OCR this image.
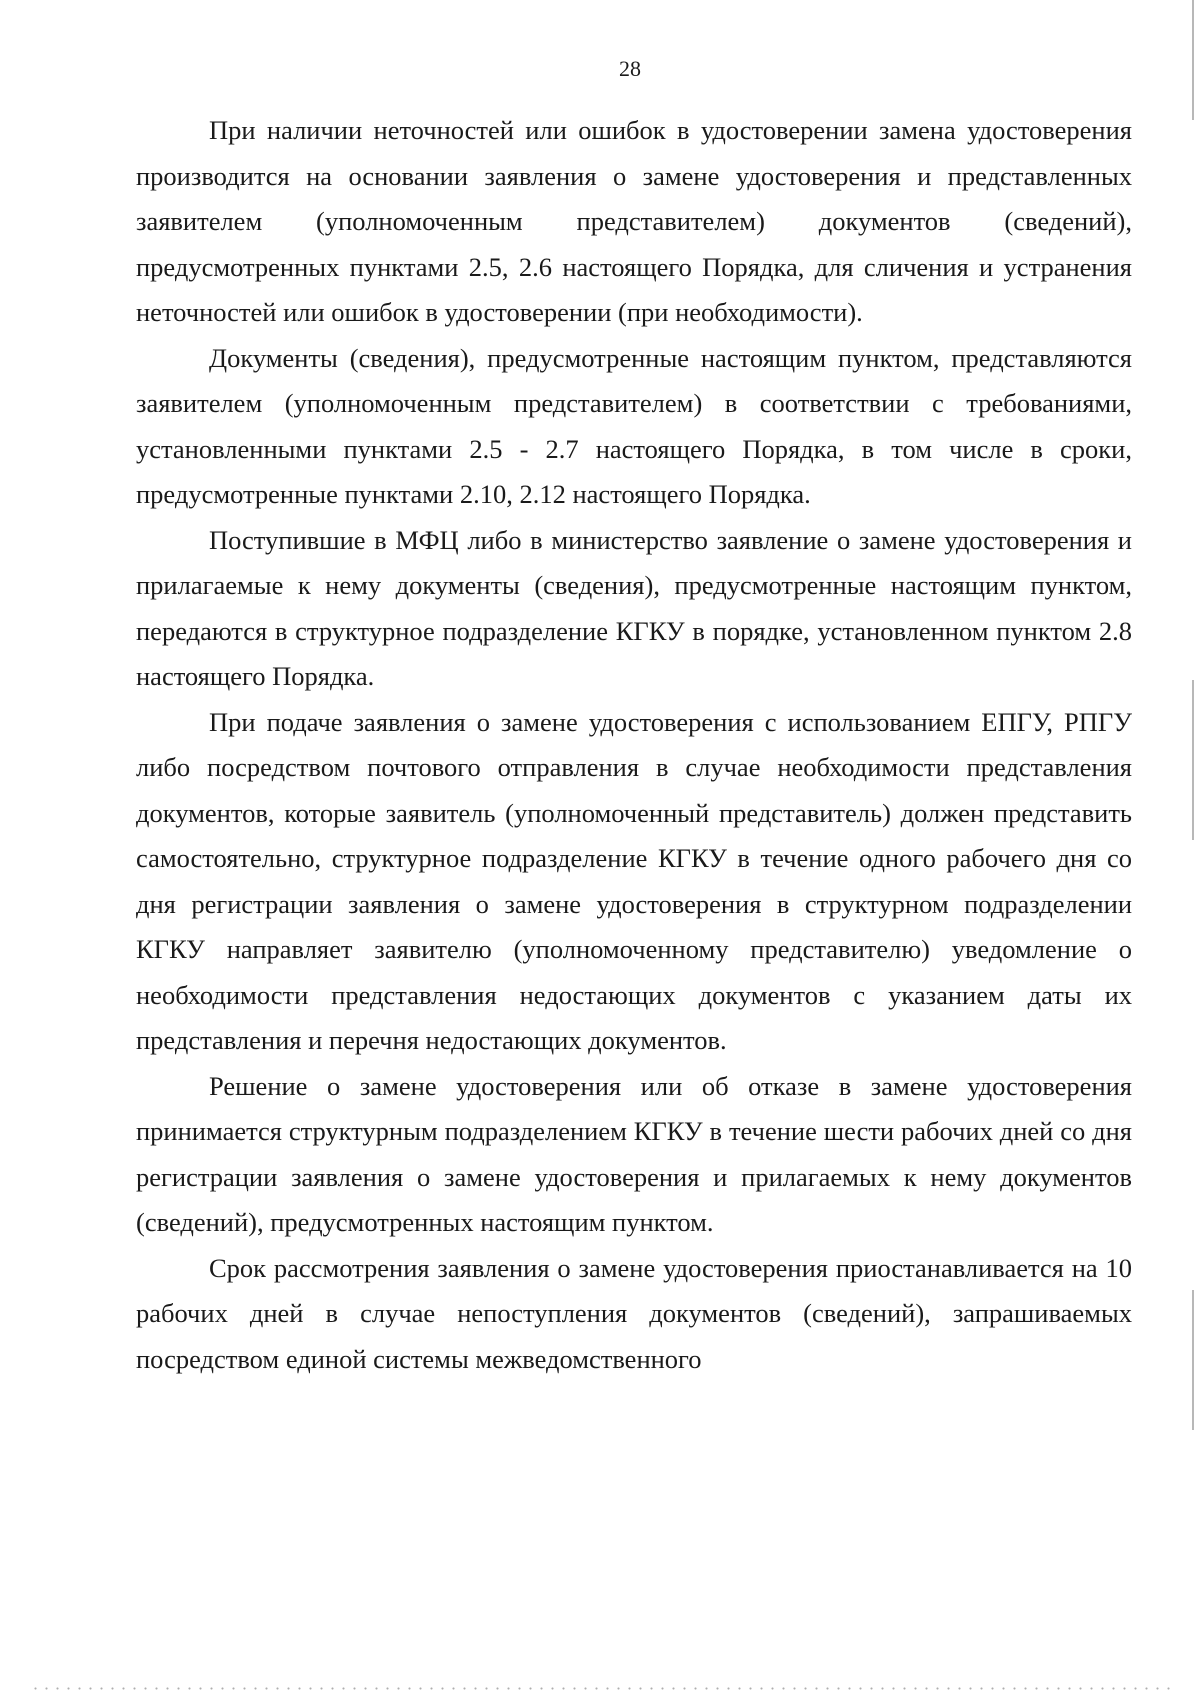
28

При наличии неточностей или ошибок в удостоверении замена удостоверения производится на основании заявления о замене удостоверения и представленных заявителем (уполномоченным представителем) документов (сведений), предусмотренных пунктами 2.5, 2.6 настоящего Порядка, для сличения и устранения неточностей или ошибок в удостоверении (при необходимости).

Документы (сведения), предусмотренные настоящим пунктом, представляются заявителем (уполномоченным представителем) в соответствии с требованиями, установленными пунктами 2.5 - 2.7 настоящего Порядка, в том числе в сроки, предусмотренные пунктами 2.10, 2.12 настоящего Порядка.

Поступившие в МФЦ либо в министерство заявление о замене удостоверения и прилагаемые к нему документы (сведения), предусмотренные настоящим пунктом, передаются в структурное подразделение КГКУ в порядке, установленном пунктом 2.8 настоящего Порядка.

При подаче заявления о замене удостоверения с использованием ЕПГУ, РПГУ либо посредством почтового отправления в случае необходимости представления документов, которые заявитель (уполномоченный представитель) должен представить самостоятельно, структурное подразделение КГКУ в течение одного рабочего дня со дня регистрации заявления о замене удостоверения в структурном подразделении КГКУ направляет заявителю (уполномоченному представителю) уведомление о необходимости представления недостающих документов с указанием даты их представления и перечня недостающих документов.

Решение о замене удостоверения или об отказе в замене удостоверения принимается структурным подразделением КГКУ в течение шести рабочих дней со дня регистрации заявления о замене удостоверения и прилагаемых к нему документов (сведений), предусмотренных настоящим пунктом.

Срок рассмотрения заявления о замене удостоверения приостанавливается на 10 рабочих дней в случае непоступления документов (сведений), запрашиваемых посредством единой системы межведомственного
